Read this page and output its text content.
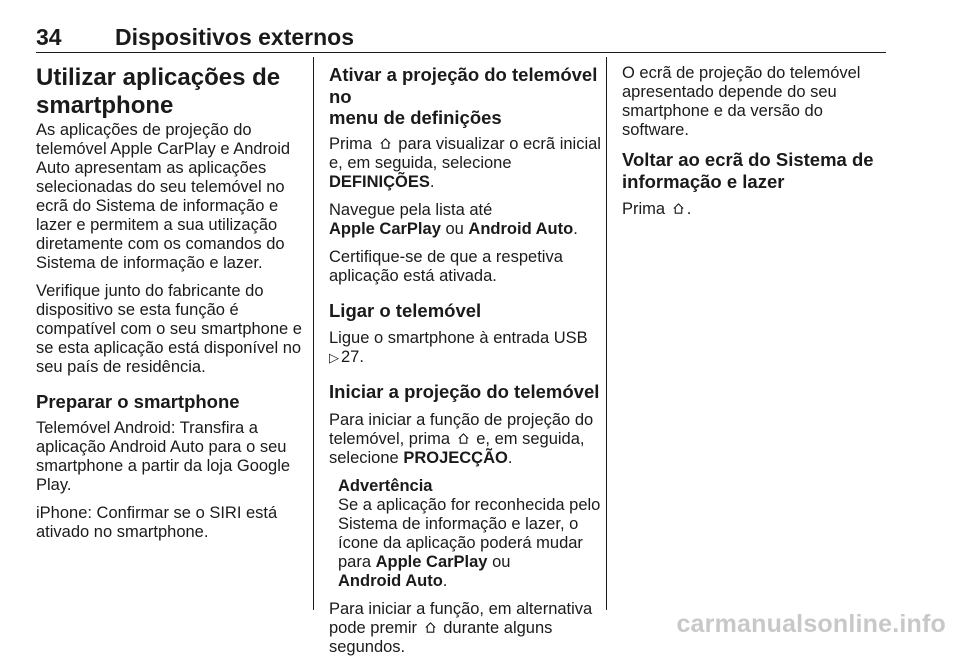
34 Dispositivos externos
Utilizar aplicações de
smartphone

As aplicações de projeção do
telemóvel Apple CarPlay e Android
Auto apresentam as aplicações
selecionadas do seu telemóvel no
ecrã do Sistema de informação e
lazer e permitem a sua utilização
diretamente com os comandos do
Sistema de informação e lazer.

Verifique junto do fabricante do
dispositivo se esta função é
compatível com o seu smartphone e
se esta aplicação está disponível no
seu país de residência.

Preparar o smartphone

Telemóvel Android: Transfira a
aplicação Android Auto para o seu
smartphone a partir da loja Google
Play.

iPhone: Confirmar se o SIRI está
ativado no smartphone.

Ativar a projeção do telemóvel no
menu de definições

Prima para visualizar o ecrã inicial
e, em seguida, selecione
DEFINIÇÕES.

Navegue pela lista até
Apple CarPlay ou Android Auto.

Certifique-se de que a respetiva
aplicação está ativada.

Ligar o telemóvel

Ligue o smartphone à entrada USB
▷ 27.

Iniciar a projeção do telemóvel

Para iniciar a função de projeção do
telemóvel, prima e, em seguida,
selecione PROJECÇÃO.

Advertência
Se a aplicação for reconhecida pelo
Sistema de informação e lazer, o
ícone da aplicação poderá mudar
para Apple CarPlay ou
Android Auto.

Para iniciar a função, em alternativa
pode premir durante alguns
segundos.

O ecrã de projeção do telemóvel
apresentado depende do seu
smartphone e da versão do software.

Voltar ao ecrã do Sistema de
informação e lazer

Prima .

carmanualsonline.info
